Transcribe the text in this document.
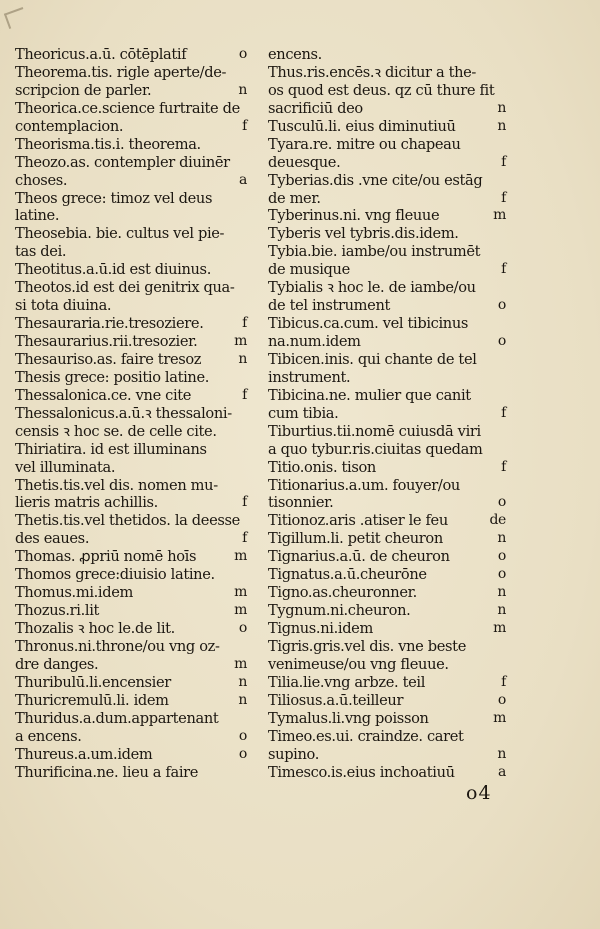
Theoricus.a.ū. cōtēplatif	o
Theorema.tis. rigle aperte/de-
scripcion de parler.	n
Theorica.ce.science furtraite de
contemplacion.	f
Theorisma.tis.i. theorema.
Theozo.as. contempler diuinēr
choses.	a
Theos grece: timoz vel deus
latine.
Theosebia. bie. cultus vel pie-
tas dei.
Theotitus.a.ū.id est diuinus.
Theotos.id est dei genitrix qua-
si tota diuina.
Thesauraria.rie.tresoziere.	f
Thesaurarius.rii.tresozier.	m
Thesauriso.as. faire tresoz	n
Thesis grece: positio latine.
Thessalonica.ce. vne cite	f
Thessalonicus.a.ū.ꝛ thessaloni-
censis ꝛ hoc se. de celle cite.
Thiriatira. id est illuminans
vel illuminata.
Thetis.tis.vel dis. nomen mu-
lieris matris achillis.	f
Thetis.tis.vel thetidos. la deesse
des eaues.	f
Thomas. ꝓpriū nomē hoīs	m
Thomos grece:diuisio latine.
Thomus.mi.idem	m
Thozus.ri.lit	m
Thozalis ꝛ hoc le.de lit.	o
Thronus.ni.throne/ou vng oz-
dre danges.	m
Thuribulū.li.encensier	n
Thuricremulū.li. idem	n
Thuridus.a.dum.appartenant
a encens.	o
Thureus.a.um.idem	o
Thurificina.ne. lieu a faire
encens.
Thus.ris.encēs.ꝛ dicitur a the-
os quod est deus. qz cū thure fit
sacrificiū deo	n
Tusculū.li. eius diminutiuū	n
Tyara.re. mitre ou chapeau
deuesque.	f
Tyberias.dis .vne cite/ou estāg
de mer.	f
Tyberinus.ni. vng fleuue	m
Tyberis vel tybris.dis.idem.
Tybia.bie. iambe/ou instrumēt
de musique	f
Tybialis ꝛ hoc le. de iambe/ou
de tel instrument	o
Tibicus.ca.cum. vel tibicinus
na.num.idem	o
Tibicen.inis. qui chante de tel
instrument.
Tibicina.ne. mulier que canit
cum tibia.	f
Tiburtius.tii.nomē cuiusdā viri
a quo tybur.ris.ciuitas quedam
Titio.onis. tison	f
Titionarius.a.um. fouyer/ou
tisonnier.	o
Titionoz.aris .atiser le feu	de
Tigillum.li. petit cheuron	n
Tignarius.a.ū. de cheuron	o
Tignatus.a.ū.cheurōne	o
Tigno.as.cheuronner.	n
Tygnum.ni.cheuron.	n
Tignus.ni.idem	m
Tigris.gris.vel dis. vne beste
venimeuse/ou vng fleuue.
Tilia.lie.vng arbze. teil	f
Tiliosus.a.ū.teilleur	o
Tymalus.li.vng poisson	m
Timeo.es.ui. craindze. caret
supino.	n
Timesco.is.eius inchoatiuū	a
o4
